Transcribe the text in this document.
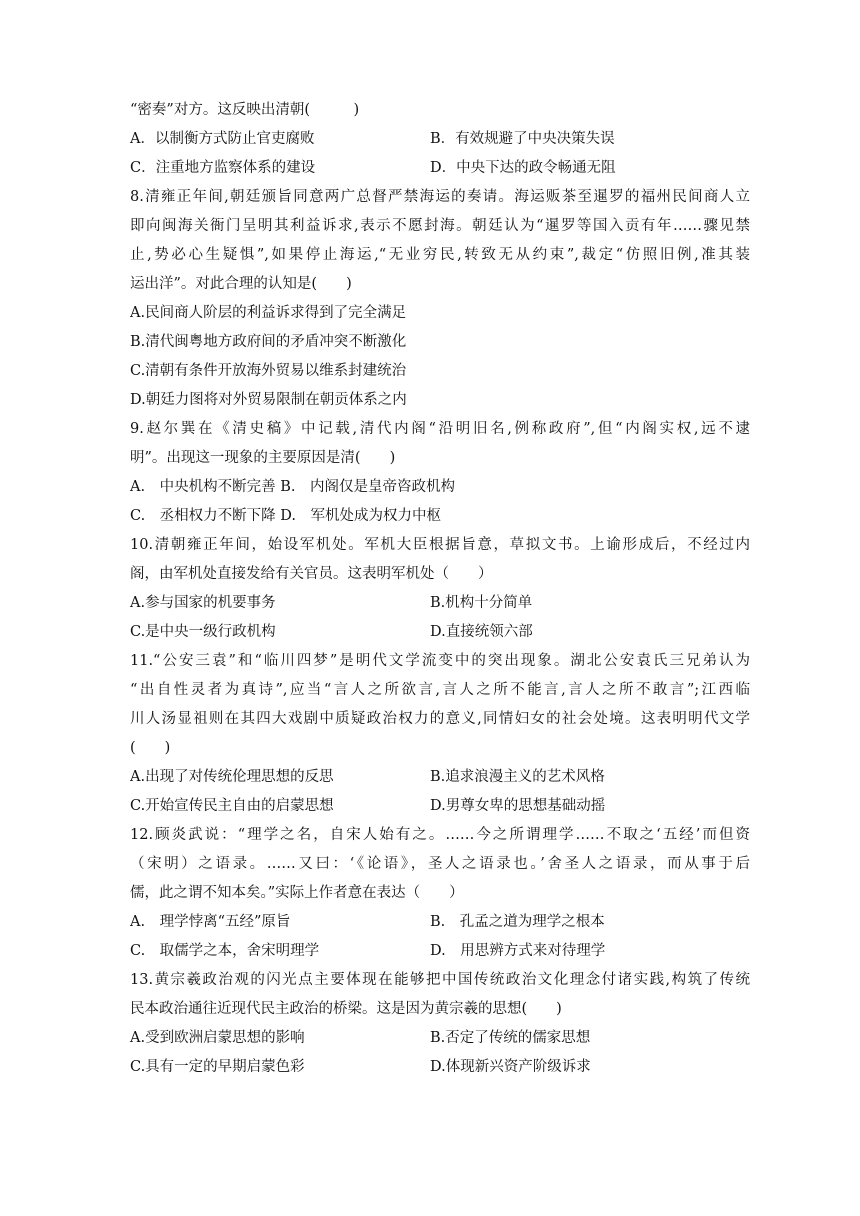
“密奏”对方。这反映出清朝(　　　)
A．以制衡方式防止官吏腐败	B．有效规避了中央决策失误
C．注重地方监察体系的建设	D．中央下达的政令畅通无阻
8.清雍正年间,朝廷颁旨同意两广总督严禁海运的奏请。海运贩茶至暹罗的福州民间商人立
即向闽海关衙门呈明其利益诉求,表示不愿封海。朝廷认为“暹罗等国入贡有年……骤见禁
止,势必心生疑惧”,如果停止海运,“无业穷民,转致无从约束”,裁定“仿照旧例,准其装
运出洋”。对此合理的认知是(　　)
A.民间商人阶层的利益诉求得到了完全满足
B.清代闽粤地方政府间的矛盾冲突不断激化
C.清朝有条件开放海外贸易以维系封建统治
D.朝廷力图将对外贸易限制在朝贡体系之内
9.赵尔巽在《清史稿》中记载,清代内阁“沿明旧名,例称政府”,但“内阁实权,远不逮
明”。出现这一现象的主要原因是清(　　)
A.　中央机构不断完善 B.　内阁仅是皇帝咨政机构
C.　丞相权力不断下降 D.　军机处成为权力中枢
10.清朝雍正年间，始设军机处。军机大臣根据旨意，草拟文书。上谕形成后，不经过内
阁，由军机处直接发给有关官员。这表明军机处（　　）
A.参与国家的机要事务	B.机构十分简单
C.是中央一级行政机构	D.直接统领六部
11.“公安三袁”和“临川四梦”是明代文学流变中的突出现象。湖北公安袁氏三兄弟认为
“出自性灵者为真诗”,应当“言人之所欲言,言人之所不能言,言人之所不敢言”;江西临
川人汤显祖则在其四大戏剧中质疑政治权力的意义,同情妇女的社会处境。这表明明代文学
(　　)
A.出现了对传统伦理思想的反思	B.追求浪漫主义的艺术风格
C.开始宣传民主自由的启蒙思想	D.男尊女卑的思想基础动摇
12.顾炎武说：“理学之名，自宋人始有之。……今之所谓理学……不取之‘五经’而但资
（宋明）之语录。……又曰：‘《论语》，圣人之语录也。’舍圣人之语录，而从事于后
儒，此之谓不知本矣。”实际上作者意在表达（　　）
A.　理学悖离“五经”原旨	B.　孔孟之道为理学之根本
C.　取儒学之本，舍宋明理学	D.　用思辨方式来对待理学
13.黄宗羲政治观的闪光点主要体现在能够把中国传统政治文化理念付诸实践,构筑了传统
民本政治通往近现代民主政治的桥梁。这是因为黄宗羲的思想(　　)
A.受到欧洲启蒙思想的影响	B.否定了传统的儒家思想
C.具有一定的早期启蒙色彩	D.体现新兴资产阶级诉求
